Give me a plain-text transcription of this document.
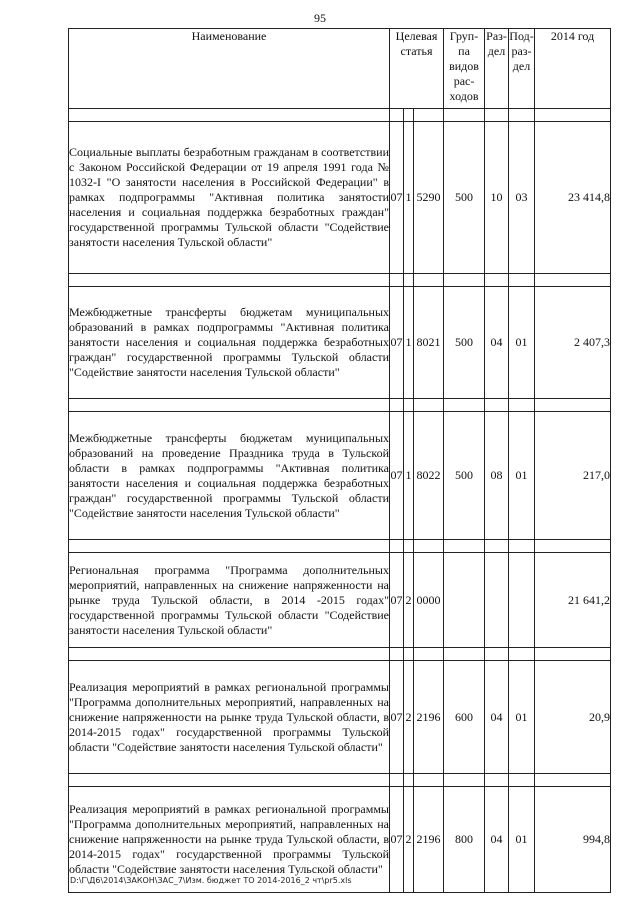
95
Наименование	Целевая статья			Груп-па видов рас-ходов	Раз-дел	Под-раз-дел	2014 год

Социальные выплаты безработным гражданам в соответствии с Законом Российской Федерации от 19 апреля 1991 года № 1032-I "О занятости населения в Российской Федерации" в рамках подпрограммы "Активная политика занятости населения и социальная поддержка безработных граждан" государственной программы Тульской области "Содействие занятости населения Тульской области"	07	1	5290	500	10	03	23 414,8

Межбюджетные трансферты бюджетам муниципальных образований в рамках подпрограммы "Активная политика занятости населения и социальная поддержка безработных граждан" государственной программы Тульской области "Содействие занятости населения Тульской области"	07	1	8021	500	04	01	2 407,3

Межбюджетные трансферты бюджетам муниципальных образований на проведение Праздника труда в Тульской области в рамках подпрограммы "Активная политика занятости населения и социальная поддержка безработных граждан" государственной программы Тульской области "Содействие занятости населения Тульской области"	07	1	8022	500	08	01	217,0

Региональная программа "Программа дополнительных мероприятий, направленных на снижение напряженности на рынке труда Тульской области, в 2014 -2015 годах" государственной программы Тульской области "Содействие занятости населения Тульской области"	07	2	0000				21 641,2

Реализация мероприятий в рамках региональной программы "Программа дополнительных мероприятий, направленных на снижение напряженности на рынке труда Тульской области, в 2014-2015 годах" государственной программы Тульской области "Содействие занятости населения Тульской области"	07	2	2196	600	04	01	20,9

Реализация мероприятий в рамках региональной программы "Программа дополнительных мероприятий, направленных на снижение напряженности на рынке труда Тульской области, в 2014-2015 годах" государственной программы Тульской области "Содействие занятости населения Тульской области"	07	2	2196	800	04	01	994,8
D:\Г\Д6\2014\ЗАКОН\ЗАС_7\Изм. бюджет ТО 2014-2016_2 чт\pr5.xls
